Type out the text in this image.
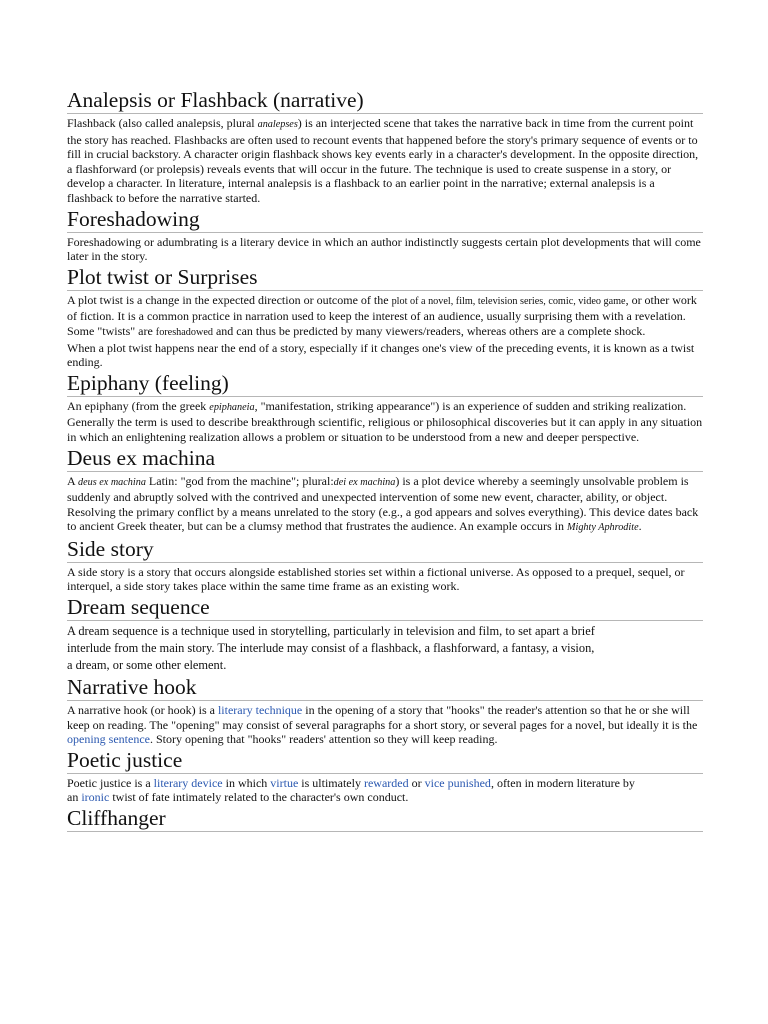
Analepsis or Flashback (narrative)

Flashback (also called analepsis, plural analepses) is an interjected scene that takes the narrative back in time from the current point the story has reached. Flashbacks are often used to recount events that happened before the story's primary sequence of events or to fill in crucial backstory. A character origin flashback shows key events early in a character's development. In the opposite direction, a flashforward (or prolepsis) reveals events that will occur in the future. The technique is used to create suspense in a story, or develop a character. In literature, internal analepsis is a flashback to an earlier point in the narrative; external analepsis is a flashback to before the narrative started.

Foreshadowing

Foreshadowing or adumbrating is a literary device in which an author indistinctly suggests certain plot developments that will come later in the story.

Plot twist or Surprises

A plot twist is a change in the expected direction or outcome of the plot of a novel, film, television series, comic, video game, or other work of fiction. It is a common practice in narration used to keep the interest of an audience, usually surprising them with a revelation. Some "twists" are foreshadowed and can thus be predicted by many viewers/readers, whereas others are a complete shock.

When a plot twist happens near the end of a story, especially if it changes one's view of the preceding events, it is known as a twist ending.

Epiphany (feeling)

An epiphany (from the greek epiphaneia, "manifestation, striking appearance") is an experience of sudden and striking realization. Generally the term is used to describe breakthrough scientific, religious or philosophical discoveries but it can apply in any situation in which an enlightening realization allows a problem or situation to be understood from a new and deeper perspective.

Deus ex machina

A deus ex machina Latin: "god from the machine"; plural:dei ex machina) is a plot device whereby a seemingly unsolvable problem is suddenly and abruptly solved with the contrived and unexpected intervention of some new event, character, ability, or object. Resolving the primary conflict by a means unrelated to the story (e.g., a god appears and solves everything). This device dates back to ancient Greek theater, but can be a clumsy method that frustrates the audience. An example occurs in Mighty Aphrodite.

Side story

A side story is a story that occurs alongside established stories set within a fictional universe. As opposed to a prequel, sequel, or interquel, a side story takes place within the same time frame as an existing work.

Dream sequence

A dream sequence is a technique used in storytelling, particularly in television and film, to set apart a brief

interlude from the main story. The interlude may consist of a flashback, a flashforward, a fantasy, a vision,

a dream, or some other element.

Narrative hook

A narrative hook (or hook) is a literary technique in the opening of a story that "hooks" the reader's attention so that he or she will keep on reading. The "opening" may consist of several paragraphs for a short story, or several pages for a novel, but ideally it is the opening sentence. Story opening that "hooks" readers' attention so they will keep reading.

Poetic justice

Poetic justice is a literary device in which virtue is ultimately rewarded or vice punished, often in modern literature by

an ironic twist of fate intimately related to the character's own conduct.

Cliffhanger
